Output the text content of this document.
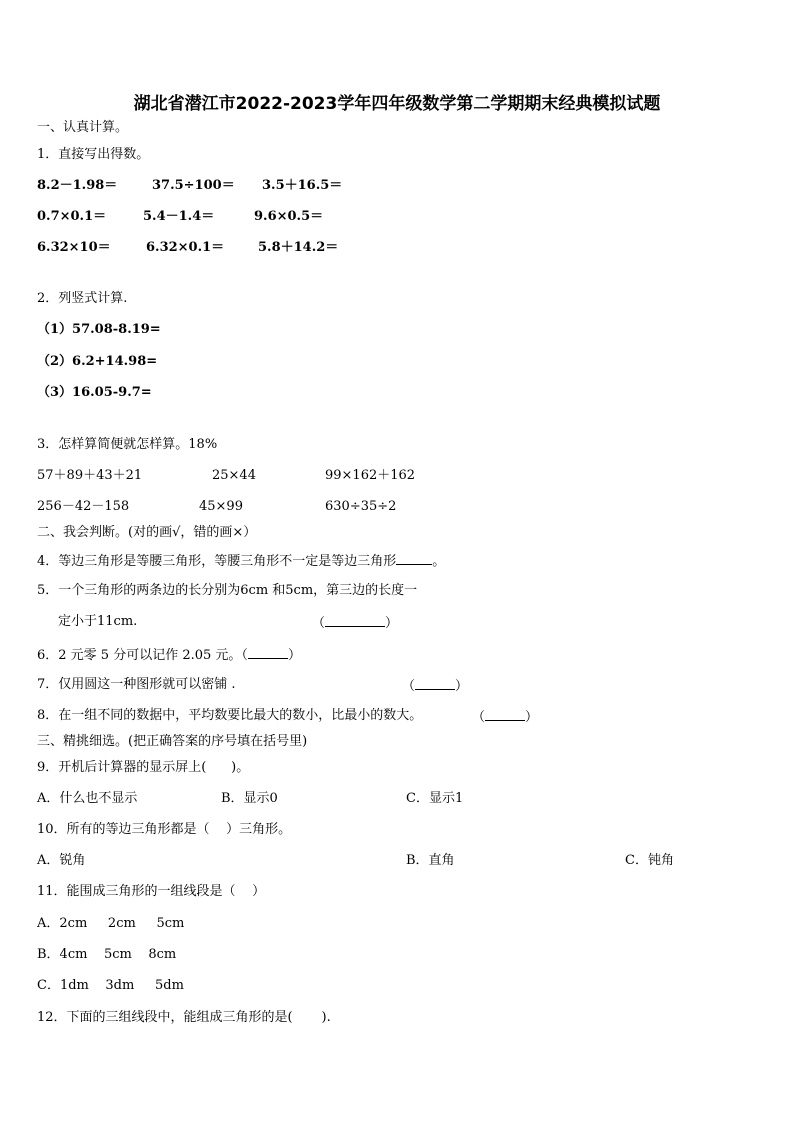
湖北省潜江市2022-2023学年四年级数学第二学期期末经典模拟试题
一、认真计算。
1．直接写出得数。
8.2－1.98＝	37.5÷100＝ 3.5＋16.5＝
0.7×0.1＝	5.4－1.4＝	9.6×0.5＝
6.32×10＝	6.32×0.1＝	5.8＋14.2＝
2．列竖式计算.
（1）57.08-8.19=
（2）6.2+14.98=
（3）16.05-9.7=
3．怎样算简便就怎样算。18%
57＋89＋43＋21	25×44	99×162＋162
256－42－158	45×99	630÷35÷2
二、我会判断。(对的画√，错的画×）
4．等边三角形是等腰三角形，等腰三角形不一定是等边三角形	。
5．一个三角形的两条边的长分别为6cm 和5cm，第三边的长度一
定小于11cm.	（	）
6．2 元零 5 分可以记作 2.05 元。（	）
7．仅用圆这一种图形就可以密铺 .	（	）
8．在一组不同的数据中，平均数要比最大的数小，比最小的数大。	（	）
三、精挑细选。(把正确答案的序号填在括号里)
9．开机后计算器的显示屏上(      )。
A．什么也不显示	B．显示0	C．显示1
10．所有的等边三角形都是（    ）三角形。
A．锐角	B．直角	C．钝角
11．能围成三角形的一组线段是（    ）
A．2cm     2cm     5cm
B．4cm    5cm    8cm
C．1dm    3dm     5dm
12．下面的三组线段中，能组成三角形的是(       ).
